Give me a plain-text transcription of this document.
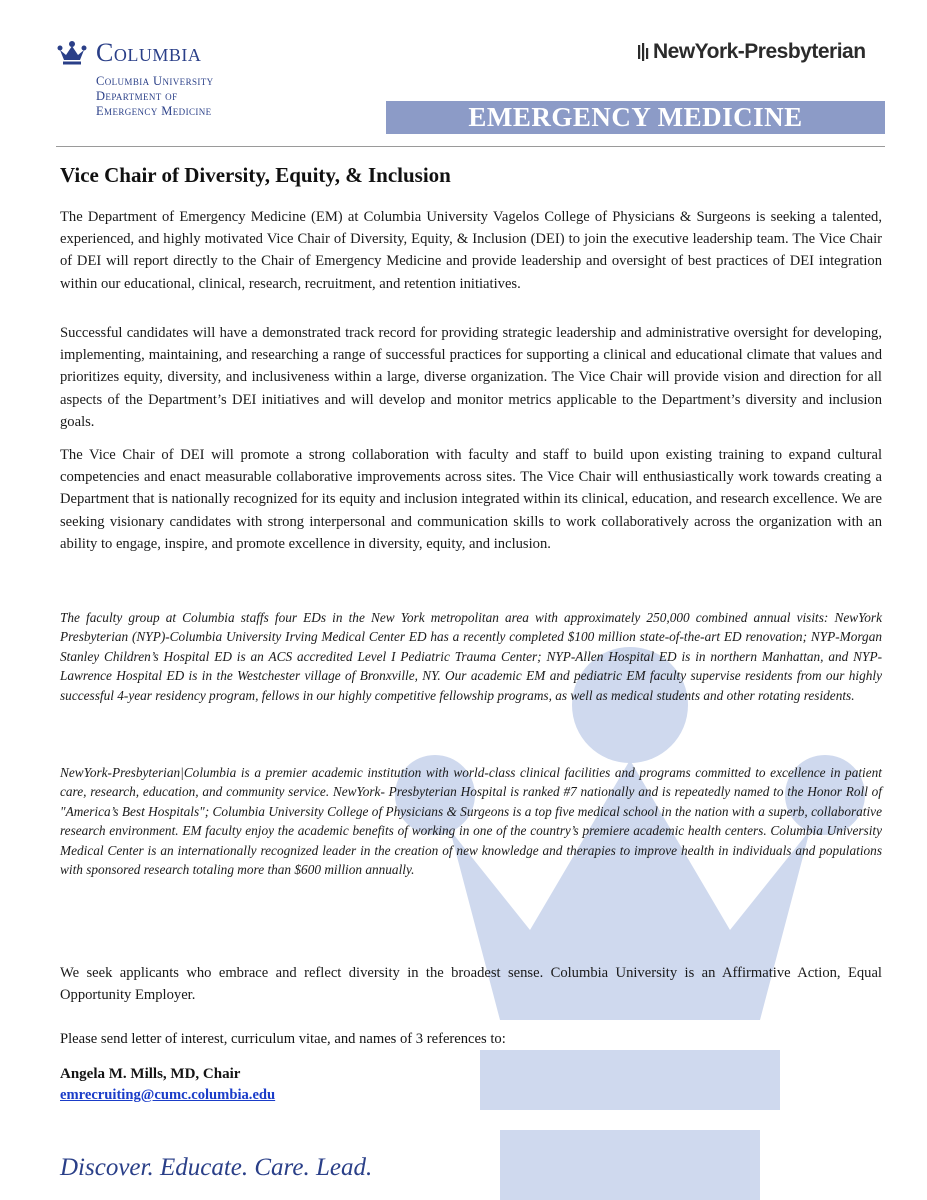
Columbia
Columbia University
Department of
Emergency Medicine
NewYork-Presbyterian
EMERGENCY MEDICINE
Vice Chair of Diversity, Equity, & Inclusion

The Department of Emergency Medicine (EM) at Columbia University Vagelos College of Physicians & Surgeons is seeking a talented, experienced, and highly motivated Vice Chair of Diversity, Equity, & Inclusion (DEI) to join the executive leadership team. The Vice Chair of DEI will report directly to the Chair of Emergency Medicine and provide leadership and oversight of best practices of DEI integration within our educational, clinical, research, recruitment, and retention initiatives.

Successful candidates will have a demonstrated track record for providing strategic leadership and administrative oversight for developing, implementing, maintaining, and researching a range of successful practices for supporting a clinical and educational climate that values and prioritizes equity, diversity, and inclusiveness within a large, diverse organization. The Vice Chair will provide vision and direction for all aspects of the Department’s DEI initiatives and will develop and monitor metrics applicable to the Department’s diversity and inclusion goals.

The Vice Chair of DEI will promote a strong collaboration with faculty and staff to build upon existing training to expand cultural competencies and enact measurable collaborative improvements across sites. The Vice Chair will enthusiastically work towards creating a Department that is nationally recognized for its equity and inclusion integrated within its clinical, education, and research excellence. We are seeking visionary candidates with strong interpersonal and communication skills to work collaboratively across the organization with an ability to engage, inspire, and promote excellence in diversity, equity, and inclusion.

The faculty group at Columbia staffs four EDs in the New York metropolitan area with approximately 250,000 combined annual visits: NewYork Presbyterian (NYP)-Columbia University Irving Medical Center ED has a recently completed $100 million state-of-the-art ED renovation; NYP-Morgan Stanley Children’s Hospital ED is an ACS accredited Level I Pediatric Trauma Center; NYP-Allen Hospital ED is in northern Manhattan, and NYP-Lawrence Hospital ED is in the Westchester village of Bronxville, NY. Our academic EM and pediatric EM faculty supervise residents from our highly successful 4-year residency program, fellows in our highly competitive fellowship programs, as well as medical students and other rotating residents.

NewYork-Presbyterian|Columbia is a premier academic institution with world-class clinical facilities and programs committed to excellence in patient care, research, education, and community service. NewYork- Presbyterian Hospital is ranked #7 nationally and is repeatedly named to the Honor Roll of "America’s Best Hospitals"; Columbia University College of Physicians & Surgeons is a top five medical school in the nation with a superb, collaborative research environment. EM faculty enjoy the academic benefits of working in one of the country’s premiere academic health centers. Columbia University Medical Center is an internationally recognized leader in the creation of new knowledge and therapies to improve health in individuals and populations with sponsored research totaling more than $600 million annually.

We seek applicants who embrace and reflect diversity in the broadest sense. Columbia University is an Affirmative Action, Equal Opportunity Employer.

Please send letter of interest, curriculum vitae, and names of 3 references to:

Angela M. Mills, MD, Chair
emrecruiting@cumc.columbia.edu
Discover. Educate. Care. Lead.
